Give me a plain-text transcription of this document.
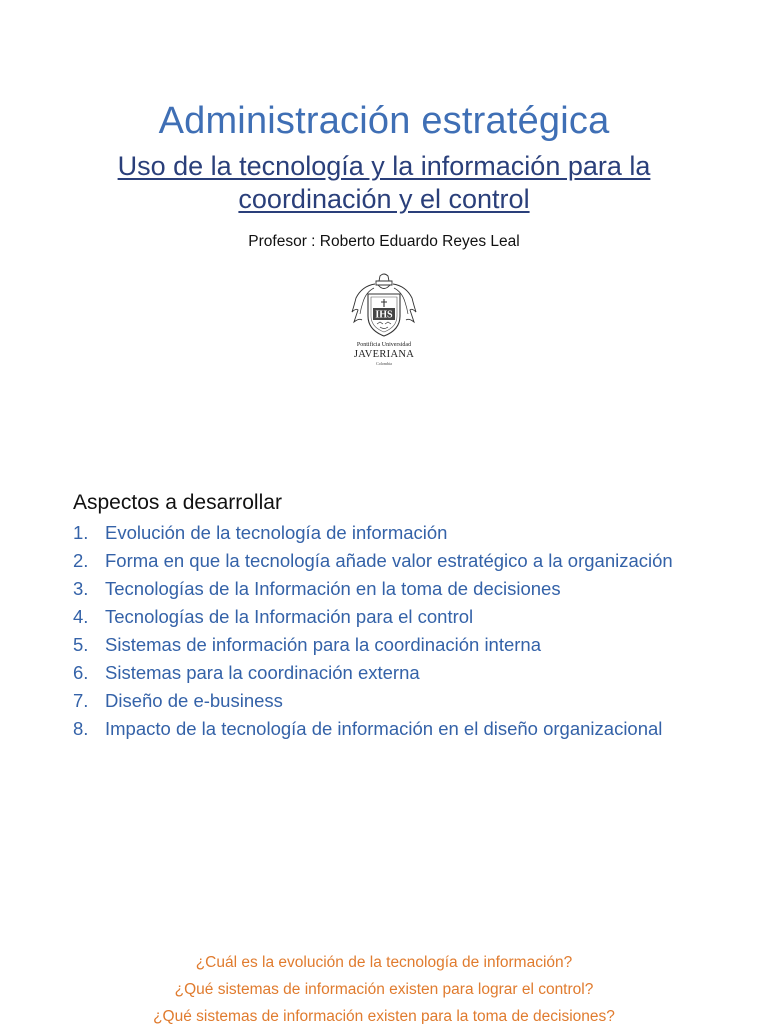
Administración estratégica
Uso de la tecnología y la información para la coordinación y el control
Profesor : Roberto Eduardo Reyes Leal
IHS
Pontificia Universidad
JAVERIANA
Colombia
Aspectos a desarrollar
1. Evolución de la tecnología de información
2. Forma en que la tecnología añade valor estratégico a la organización
3. Tecnologías de la Información en la toma de decisiones
4. Tecnologías de la Información para el control
5. Sistemas de información para la coordinación interna
6. Sistemas para la coordinación externa
7. Diseño de e-business
8. Impacto de la tecnología de información en el diseño organizacional
¿Cuál es la evolución de la tecnología de información?
¿Qué sistemas de información existen para lograr el control?
¿Qué sistemas de información existen para la toma de decisiones?
